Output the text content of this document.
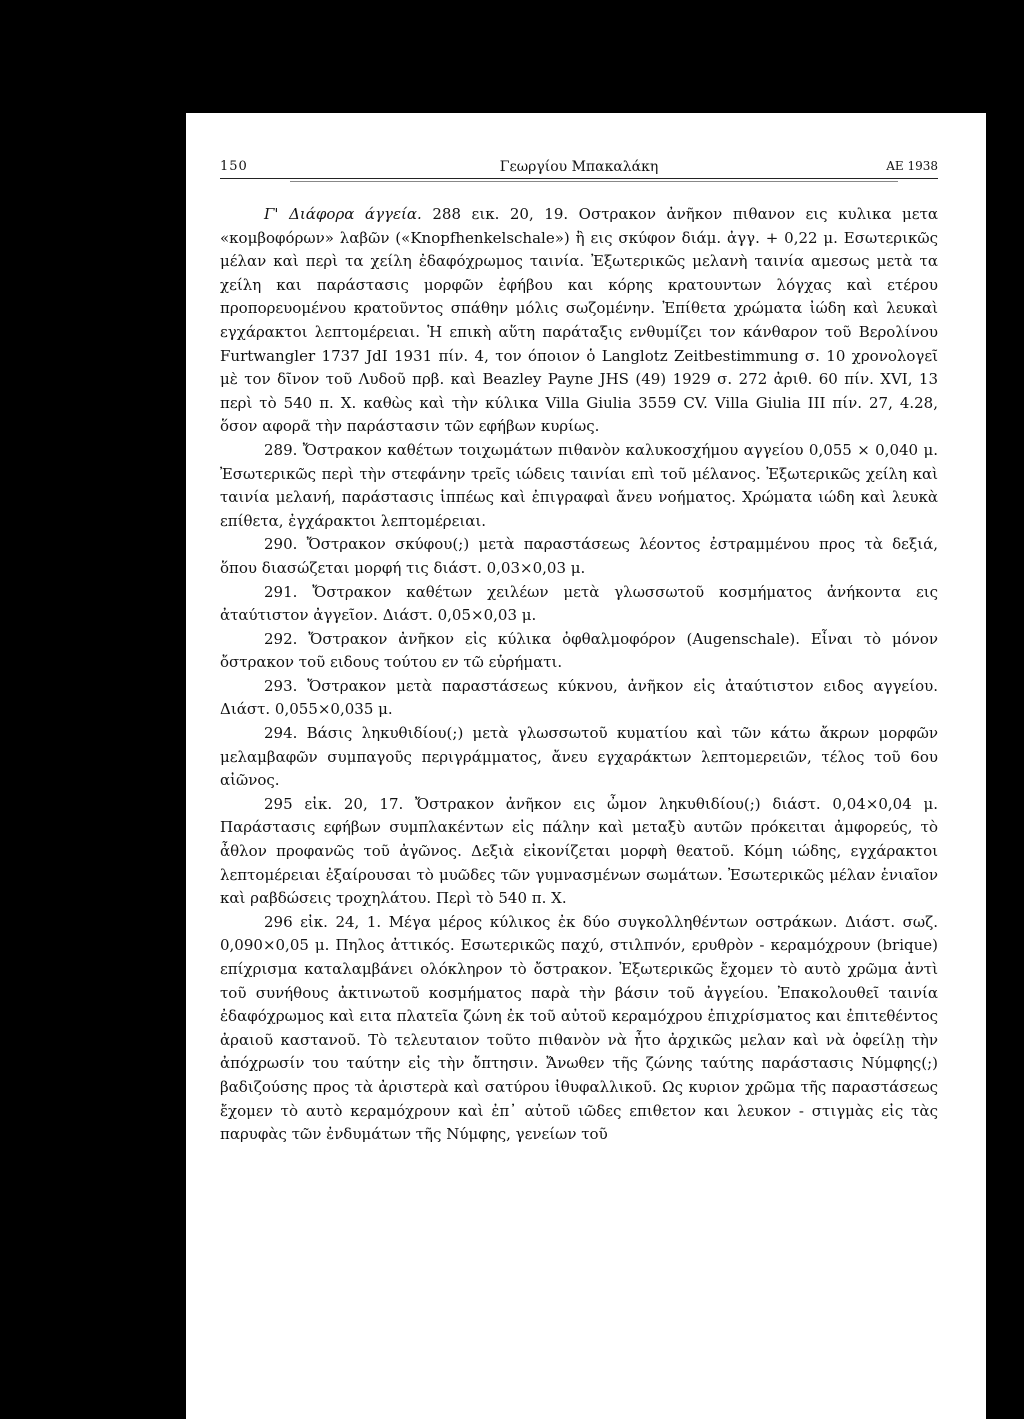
150	Γεωργίου Μπακαλάκη	ΑΕ 1938

Γ' Διάφορα άγγεία. 288 εικ. 20, 19. Οστρακον ἀνῆκον πιθανον εις κυλικα μετα «κομβοφόρων» λαβῶν («Knopfhenkelschale») ἢ εις σκύφον διάμ. ἀγγ. + 0,22 μ. Εσωτερικῶς μέλαν καὶ περὶ τα χείλη ἐδαφόχρωμος ταινία. Ἐξωτερικῶς μελανὴ ταινία αμεσως μετὰ τα χείλη και παράστασις μορφῶν ἐφήβου και κόρης κρατουντων λόγχας καὶ ετέρου προπορευομένου κρατοῦντος σπάθην μόλις σωζομένην. Ἐπίθετα χρώματα ἰώδη καὶ λευκαὶ εγχάρακτοι λεπτομέρειαι. Ἡ επικὴ αὕτη παράταξις ενθυμίζει τον κάνθαρον τοῦ Βερολίνου Furtwangler 1737 JdI 1931 πίν. 4, τον όποιον ὁ Langlotz Zeitbestimmung σ. 10 χρονολογεῖ μὲ τον δῖνον τοῦ Λυδοῦ πρβ. καὶ Beazley Payne JHS (49) 1929 σ. 272 ἀριθ. 60 πίν. XVI, 13 περὶ τὸ 540 π. Χ. καθὼς καὶ τὴν κύλικα Villa Giulia 3559 CV. Villa Giulia III πίν. 27, 4.28, ὅσον αφορᾶ τὴν παράστασιν τῶν εφήβων κυρίως.

289. Ὄστρακον καθέτων τοιχωμάτων πιθανὸν καλυκοσχήμου αγγείου 0,055 × 0,040 μ. Ἐσωτερικῶς περὶ τὴν στεφάνην τρεῖς ιώδεις ταινίαι επὶ τοῦ μέλανος. Ἐξωτερικῶς χείλη καὶ ταινία μελανή, παράστασις ἱππέως καὶ ἐπιγραφαὶ ἄνευ νοήματος. Χρώματα ιώδη καὶ λευκὰ επίθετα, ἐγχάρακτοι λεπτομέρειαι.

290. Ὄστρακον σκύφου(;) μετὰ παραστάσεως λέοντος ἐστραμμένου προς τὰ δεξιά, ὅπου διασώζεται μορφή τις διάστ. 0,03×0,03 μ.

291. Ὄστρακον καθέτων χειλέων μετὰ γλωσσωτοῦ κοσμήματος ἀνήκοντα εις ἀταύτιστον ἀγγεῖον. Διάστ. 0,05×0,03 μ.

292. Ὄστρακον ἀνῆκον εἰς κύλικα ὀφθαλμοφόρον (Augenschale). Εἶναι τὸ μόνον ὄστρακον τοῦ ειδους τούτου εν τῶ εὑρήματι.

293. Ὄστρακον μετὰ παραστάσεως κύκνου, ἀνῆκον εἰς ἀταύτιστον ειδος αγγείου. Διάστ. 0,055×0,035 μ.

294. Βάσις ληκυθιδίου(;) μετὰ γλωσσωτοῦ κυματίου καὶ τῶν κάτω ἄκρων μορφῶν μελαμβαφῶν συμπαγοῦς περιγράμματος, ἄνευ εγχαράκτων λεπτομερειῶν, τέλος τοῦ 6ου αἰῶνος.

295 εἰκ. 20, 17. Ὄστρακον ἀνῆκον εις ὦμον ληκυθιδίου(;) διάστ. 0,04×0,04 μ. Παράστασις εφήβων συμπλακέντων εἰς πάλην καὶ μεταξὺ αυτῶν πρόκειται ἀμφορεύς, τὸ ἆθλον προφανῶς τοῦ ἀγῶνος. Δεξιὰ εἰκονίζεται μορφὴ θεατοῦ. Κόμη ιώδης, εγχάρακτοι λεπτομέρειαι ἐξαίρουσαι τὸ μυῶδες τῶν γυμνασμένων σωμάτων. Ἐσωτερικῶς μέλαν ἑνιαῖον καὶ ραβδώσεις τροχηλάτου. Περὶ τὸ 540 π. Χ.

296 εἰκ. 24, 1. Μέγα μέρος κύλικος ἐκ δύο συγκολληθέντων οστράκων. Διάστ. σωζ. 0,090×0,05 μ. Πηλος ἀττικός. Εσωτερικῶς παχύ, στιλπνόν, ερυθρὸν - κεραμόχρουν (brique) επίχρισμα καταλαμβάνει ολόκληρον τὸ ὄστρακον. Ἐξωτερικῶς ἔχομεν τὸ αυτὸ χρῶμα ἀντὶ τοῦ συνήθους ἀκτινωτοῦ κοσμήματος παρὰ τὴν βάσιν τοῦ ἀγγείου. Ἐπακολουθεῖ ταινία ἐδαφόχρωμος καὶ ειτα πλατεῖα ζώνη ἐκ τοῦ αὐτοῦ κεραμόχρου ἐπιχρίσματος και ἐπιτεθέντος ἀραιοῦ καστανοῦ. Τὸ τελευταιον τοῦτο πιθανὸν νὰ ἦτο ἀρχικῶς μελαν καὶ νὰ ὀφείλῃ τὴν ἀπόχρωσίν του ταύτην εἰς τὴν ὄπτησιν. Ἄνωθεν τῆς ζώνης ταύτης παράστασις Νύμφης(;) βαδιζούσης προς τὰ ἀριστερὰ καὶ σατύρου ἰθυφαλλικοῦ. Ως κυριον χρῶμα τῆς παραστάσεως ἔχομεν τὸ αυτὸ κεραμόχρουν καὶ ἐπ᾽ αὐτοῦ ιῶδες επιθετον και λευκον - στιγμὰς εἰς τὰς παρυφὰς τῶν ἐνδυμάτων τῆς Νύμφης, γενείων τοῦ
